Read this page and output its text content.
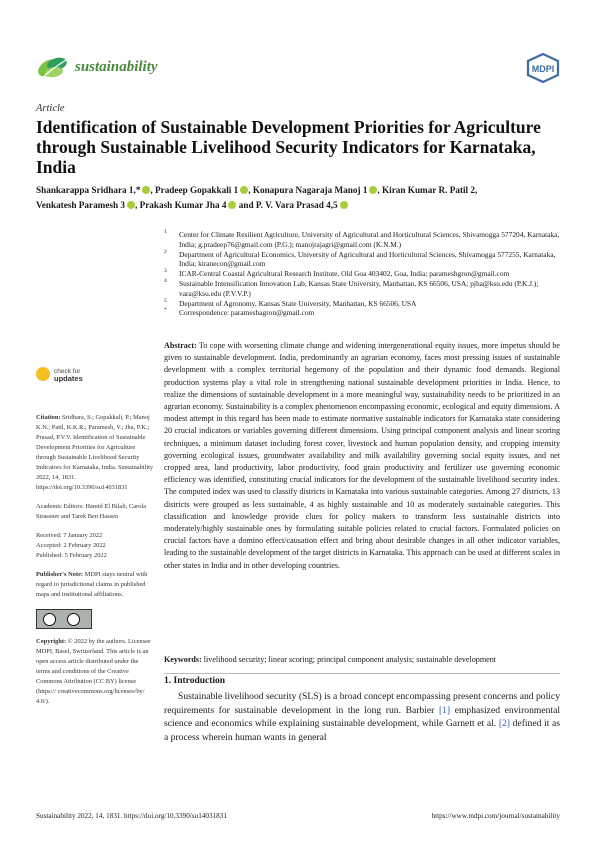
sustainability	MDPI
Article
Identification of Sustainable Development Priorities for Agriculture through Sustainable Livelihood Security Indicators for Karnataka, India
Shankarappa Sridhara 1,* , Pradeep Gopakkali 1 , Konapura Nagaraja Manoj 1 , Kiran Kumar R. Patil 2,
Venkatesh Paramesh 3 , Prakash Kumar Jha 4 and P. V. Vara Prasad 4,5
1 Center for Climate Resilient Agriculture, University of Agricultural and Horticultural Sciences, Shivamogga 577204, Karnataka, India; g.pradeep76@gmail.com (P.G.); manojrajagri@gmail.com (K.N.M.)
2 Department of Agricultural Economics, University of Agricultural and Horticultural Sciences, Shivamogga 577255, Karnataka, India; kiranecon@gmail.com
3 ICAR-Central Coastal Agricultural Research Institute, Old Goa 403402, Goa, India; parameshgron@gmail.com
4 Sustainable Intensification Innovation Lab, Kansas State University, Manhattan, KS 66506, USA; pjha@ksu.edu (P.K.J.); vara@ksu.edu (P.V.V.P.)
5 Department of Agronomy, Kansas State University, Manhattan, KS 66506, USA
* Correspondence: parameshagron@gmail.com
check for
updates
Citation: Sridhara, S.; Gopakkali, P.; Manoj K.N.; Patil, K.K.R.; Paramesh, V.; Jha, P.K.; Prasad, P.V.V. Identification of Sustainable Development Priorities for Agriculture through Sustainable Livelihood Security Indicators for Karnataka, India. Sustainability 2022, 14, 1831. https://doi.org/10.3390/su14031831
Academic Editors: Hamid El Bilali, Carola Strassner and Tarek Ben Hassen
Received: 7 January 2022
Accepted: 2 February 2022
Published: 5 February 2022
Publisher's Note: MDPI stays neutral with regard to jurisdictional claims in published maps and institutional affiliations.
Copyright: © 2022 by the authors. Licensee MDPI, Basel, Switzerland. This article is an open access article distributed under the terms and conditions of the Creative Commons Attribution (CC BY) license (https:// creativecommons.org/licenses/by/ 4.0/).
Abstract: To cope with worsening climate change and widening intergenerational equity issues, more impetus should be given to sustainable development. India, predominantly an agrarian economy, faces most pressing issues of sustainable development with a complex territorial hegemony of the population and their dynamic food demands. Regional production systems play a vital role in strengthening national sustainable development priorities in India. Hence, to realize the dimensions of sustainable development in a more meaningful way, sustainability needs to be prioritized in an agrarian economy. Sustainability is a complex phenomenon encompassing economic, ecological and equity dimensions. A modest attempt in this regard has been made to estimate normative sustainable indicators for Karnataka state considering 20 crucial indicators or variables governing different dimensions. Using principal component analysis and linear scoring techniques, a minimum dataset including forest cover, livestock and human population density, and cropping intensity governing ecological issues, groundwater availability and milk availability governing social equity issues, and net cropped area, land productivity, labor productivity, food grain productivity and fertilizer use governing economic efficiency was identified, constituting crucial indicators for the development of the sustainable livelihood security index. The computed index was used to classify districts in Karnataka into various sustainable categories. Among 27 districts, 13 districts were grouped as less sustainable, 4 as highly sustainable and 10 as moderately sustainable categories. This classification and knowledge provide clues for policy makers to transform less sustainable districts into moderately/highly sustainable ones by formulating suitable policies related to crucial factors. Formulated policies on crucial factors have a domino effect/causation effect and bring about desirable changes in all other indicator variables, leading to the sustainable development of the target districts in Karnataka. This approach can be used at different scales in other states in India and in other developing countries.
Keywords: livelihood security; linear scoring; principal component analysis; sustainable development
1. Introduction

Sustainable livelihood security (SLS) is a broad concept encompassing present concerns and policy requirements for sustainable development in the long run. Barbier [1] emphasized environmental science and economics while explaining sustainable development, while Garnett et al. [2] defined it as a process wherein human wants in general

Sustainability 2022, 14, 1831. https://doi.org/10.3390/su14031831	https://www.mdpi.com/journal/sustainability
